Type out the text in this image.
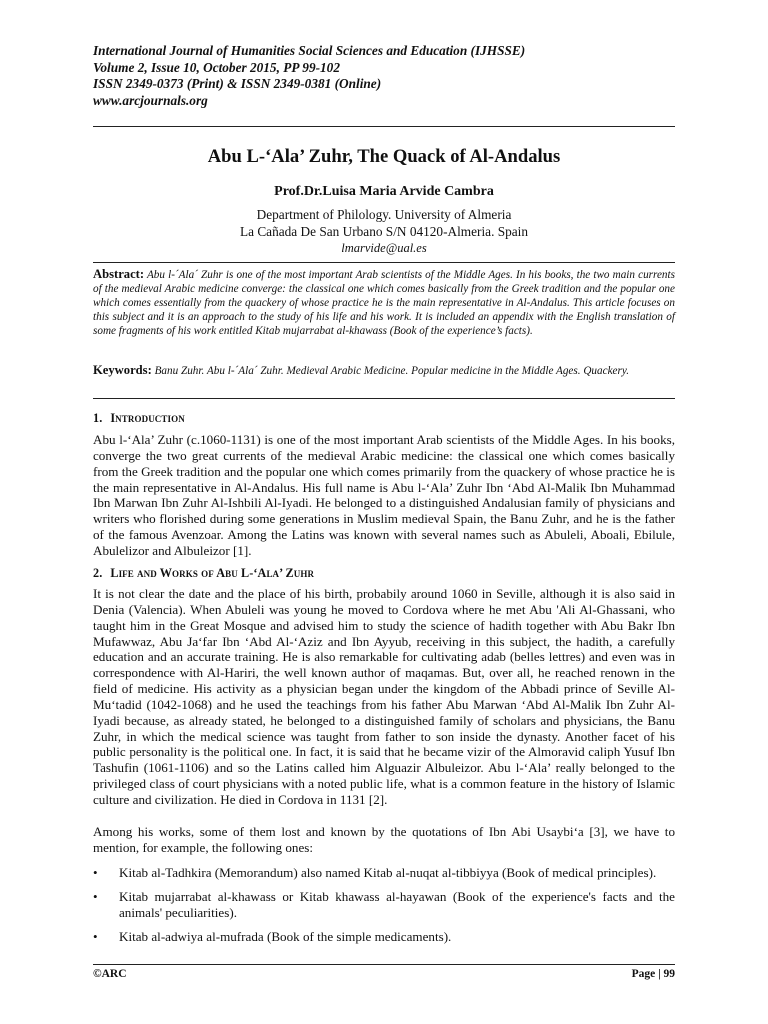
International Journal of Humanities Social Sciences and Education (IJHSSE)
Volume 2, Issue 10, October 2015, PP 99-102
ISSN 2349-0373 (Print) & ISSN 2349-0381 (Online)
www.arcjournals.org
Abu L-‘Ala’ Zuhr, The Quack of Al-Andalus
Prof.Dr.Luisa Maria Arvide Cambra
Department of Philology. University of Almeria
La Cañada De San Urbano S/N 04120-Almeria. Spain
lmarvide@ual.es
Abstract: Abu l-´Ala´ Zuhr is one of the most important Arab scientists of the Middle Ages. In his books, the two main currents of the medieval Arabic medicine converge: the classical one which comes basically from the Greek tradition and the popular one which comes essentially from the quackery of whose practice he is the main representative in Al-Andalus. This article focuses on this subject and it is an approach to the study of his life and his work. It is included an appendix with the English translation of some fragments of his work entitled Kitab mujarrabat al-khawass (Book of the experience’s facts).
Keywords: Banu Zuhr. Abu l-´Ala´ Zuhr. Medieval Arabic Medicine. Popular medicine in the Middle Ages. Quackery.
1. Introduction
Abu l-‘Ala’ Zuhr (c.1060-1131) is one of the most important Arab scientists of the Middle Ages. In his books, converge the two great currents of the medieval Arabic medicine: the classical one which comes basically from the Greek tradition and the popular one which comes primarily from the quackery of whose practice he is the main representative in Al-Andalus. His full name is Abu l-‘Ala’ Zuhr Ibn ‘Abd Al-Malik Ibn Muhammad Ibn Marwan Ibn Zuhr Al-Ishbili Al-Iyadi. He belonged to a distinguished Andalusian family of physicians and writers who florished during some generations in Muslim medieval Spain, the Banu Zuhr, and he is the father of the famous Avenzoar. Among the Latins was known with several names such as Abuleli, Aboali, Ebilule, Abulelizor and Albuleizor [1].
2. Life and Works of Abu L-‘Ala’ Zuhr
It is not clear the date and the place of his birth, probabily around 1060 in Seville, although it is also said in Denia (Valencia). When Abuleli was young he moved to Cordova where he met Abu 'Ali Al-Ghassani, who taught him in the Great Mosque and advised him to study the science of hadith together with Abu Bakr Ibn Mufawwaz, Abu Ja‘far Ibn ‘Abd Al-‘Aziz and Ibn Ayyub, receiving in this subject, the hadith, a carefully education and an accurate training. He is also remarkable for cultivating adab (belles lettres) and even was in correspondence with Al-Hariri, the well known author of maqamas. But, over all, he reached renown in the field of medicine. His activity as a physician began under the kingdom of the Abbadi prince of Seville Al-Mu‘tadid (1042-1068) and he used the teachings from his father Abu Marwan ‘Abd Al-Malik Ibn Zuhr Al-Iyadi because, as already stated, he belonged to a distinguished family of scholars and physicians, the Banu Zuhr, in which the medical science was taught from father to son inside the dynasty. Another facet of his public personality is the political one. In fact, it is said that he became vizir of the Almoravid caliph Yusuf Ibn Tashufin (1061-1106) and so the Latins called him Alguazir Albuleizor. Abu l-‘Ala’ really belonged to the privileged class of court physicians with a noted public life, what is a common feature in the history of Islamic culture and civilization. He died in Cordova in 1131 [2].
Among his works, some of them lost and known by the quotations of Ibn Abi Usaybi‘a [3], we have to mention, for example, the following ones:
• Kitab al-Tadhkira (Memorandum) also named Kitab al-nuqat al-tibbiyya (Book of medical principles).
• Kitab mujarrabat al-khawass or Kitab khawass al-hayawan (Book of the experience's facts and the animals' peculiarities).
• Kitab al-adwiya al-mufrada (Book of the simple medicaments).
©ARC	Page | 99
